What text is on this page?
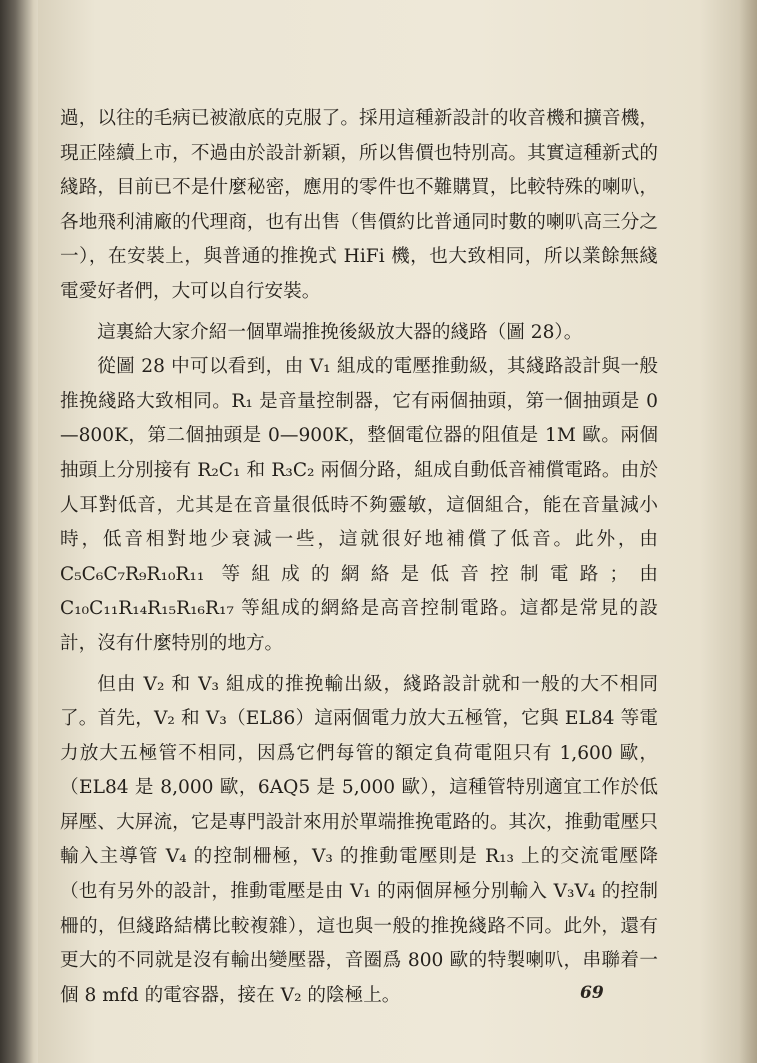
過，以往的毛病已被澈底的克服了。採用這種新設計的收音機和擴音機，現正陸續上市，不過由於設計新穎，所以售價也特別高。其實這種新式的綫路，目前已不是什麼秘密，應用的零件也不難購買，比較特殊的喇叭，各地飛利浦廠的代理商，也有出售（售價約比普通同时數的喇叭高三分之一），在安裝上，與普通的推挽式 HiFi 機，也大致相同，所以業餘無綫電愛好者們，大可以自行安裝。

這裏給大家介紹一個單端推挽後級放大器的綫路（圖 28）。

從圖 28 中可以看到，由 V₁ 組成的電壓推動級，其綫路設計與一般推挽綫路大致相同。R₁ 是音量控制器，它有兩個抽頭，第一個抽頭是 0—800K，第二個抽頭是 0—900K，整個電位器的阻值是 1M 歐。兩個抽頭上分別接有 R₂C₁ 和 R₃C₂ 兩個分路，組成自動低音補償電路。由於人耳對低音，尤其是在音量很低時不夠靈敏，這個組合，能在音量減小時，低音相對地少衰減一些，這就很好地補償了低音。此外，由 C₅C₆C₇R₉R₁₀R₁₁ 等組成的網絡是低音控制電路；由 C₁₀C₁₁R₁₄R₁₅R₁₆R₁₇ 等組成的網絡是高音控制電路。這都是常見的設計，沒有什麼特別的地方。

但由 V₂ 和 V₃ 組成的推挽輸出級，綫路設計就和一般的大不相同了。首先，V₂ 和 V₃（EL86）這兩個電力放大五極管，它與 EL84 等電力放大五極管不相同，因爲它們每管的額定負荷電阻只有 1,600 歐，（EL84 是 8,000 歐，6AQ5 是 5,000 歐），這種管特別適宜工作於低屏壓、大屏流，它是專門設計來用於單端推挽電路的。其次，推動電壓只輸入主導管 V₄ 的控制柵極，V₃ 的推動電壓則是 R₁₃ 上的交流電壓降（也有另外的設計，推動電壓是由 V₁ 的兩個屏極分別輸入 V₃V₄ 的控制柵的，但綫路結構比較複雜），這也與一般的推挽綫路不同。此外，還有更大的不同就是沒有輸出變壓器，音圈爲 800 歐的特製喇叭，串聯着一個 8 mfd 的電容器，接在 V₂ 的陰極上。	69
